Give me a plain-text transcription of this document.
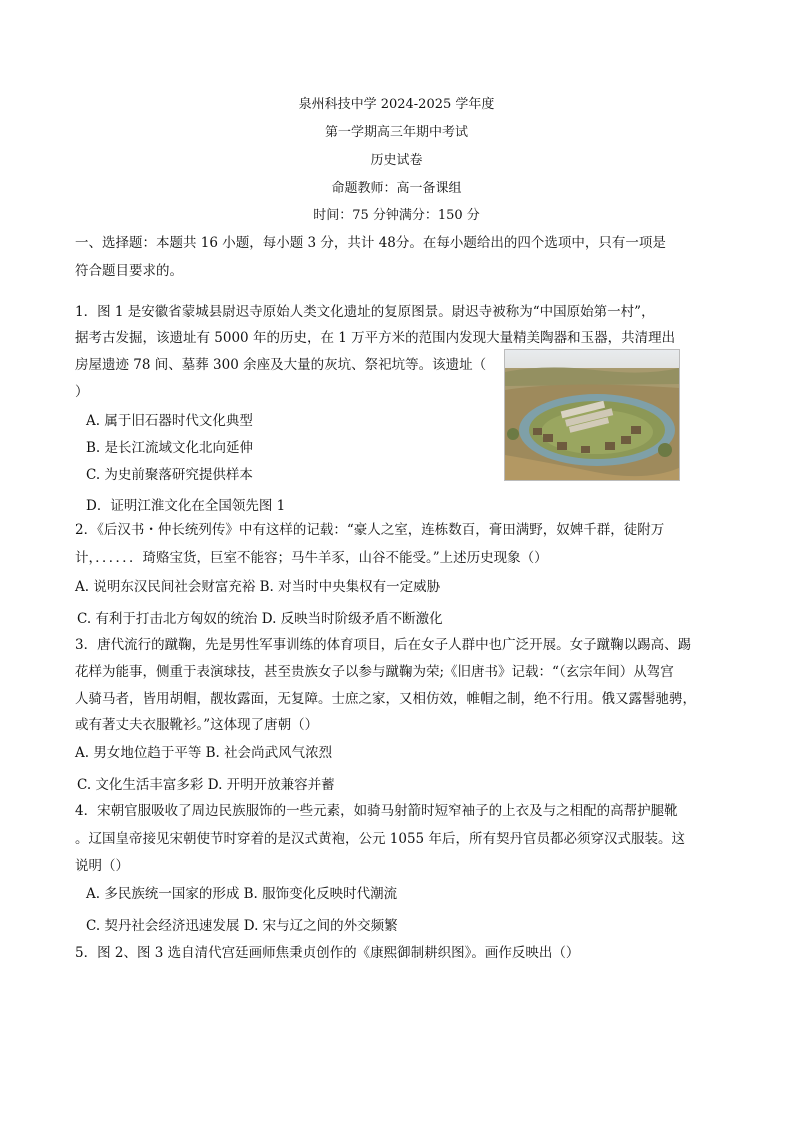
泉州科技中学 2024-2025 学年度
第一学期高三年期中考试
历史试卷
命题教师：高一备课组
时间：75 分钟满分：150 分
一、选择题：本题共 16 小题，每小题 3 分，共计 48分。在每小题给出的四个选项中，只有一项是
符合题目要求的。
1．图 1 是安徽省蒙城县尉迟寺原始人类文化遗址的复原图景。尉迟寺被称为“中国原始第一村”，
据考古发掘，该遗址有 5000 年的历史，在 1 万平方米的范围内发现大量精美陶器和玉器，共清理出
房屋遗迹 78 间、墓葬 300 余座及大量的灰坑、祭祀坑等。该遗址（
）
A. 属于旧石器时代文化典型
B. 是长江流域文化北向延伸
C. 为史前聚落研究提供样本
D．证明江淮文化在全国领先图 1
2．《后汉书・仲长统列传》中有这样的记载：“豪人之室，连栋数百，膏田满野，奴婢千群，徒附万
计，．．．．．．琦赂宝货，巨室不能容；马牛羊豕，山谷不能受。”上述历史现象（）
A. 说明东汉民间社会财富充裕 B. 对当时中央集权有一定威胁
C. 有利于打击北方匈奴的统治 D. 反映当时阶级矛盾不断激化
3．唐代流行的蹴鞠，先是男性军事训练的体育项目，后在女子人群中也广泛开展。女子蹴鞠以踢高、踢
花样为能事，侧重于表演球技，甚至贵族女子以参与蹴鞠为荣;《旧唐书》记载：“（玄宗年间）从驾宫
人骑马者，皆用胡帽，靓妆露面，无复障。士庶之家，又相仿效，帷帽之制，绝不行用。俄又露髻驰骋，
或有著丈夫衣服靴衫。”这体现了唐朝（）
A. 男女地位趋于平等 B. 社会尚武风气浓烈
C. 文化生活丰富多彩 D. 开明开放兼容并蓄
4．宋朝官服吸收了周边民族服饰的一些元素，如骑马射箭时短窄袖子的上衣及与之相配的高帮护腿靴
。辽国皇帝接见宋朝使节时穿着的是汉式黄袍，公元 1055 年后，所有契丹官员都必须穿汉式服装。这
说明（）
A. 多民族统一国家的形成 B. 服饰变化反映时代潮流
C. 契丹社会经济迅速发展 D. 宋与辽之间的外交频繁
5．图 2、图 3 选自清代宫廷画师焦秉贞创作的《康熙御制耕织图》。画作反映出（）
